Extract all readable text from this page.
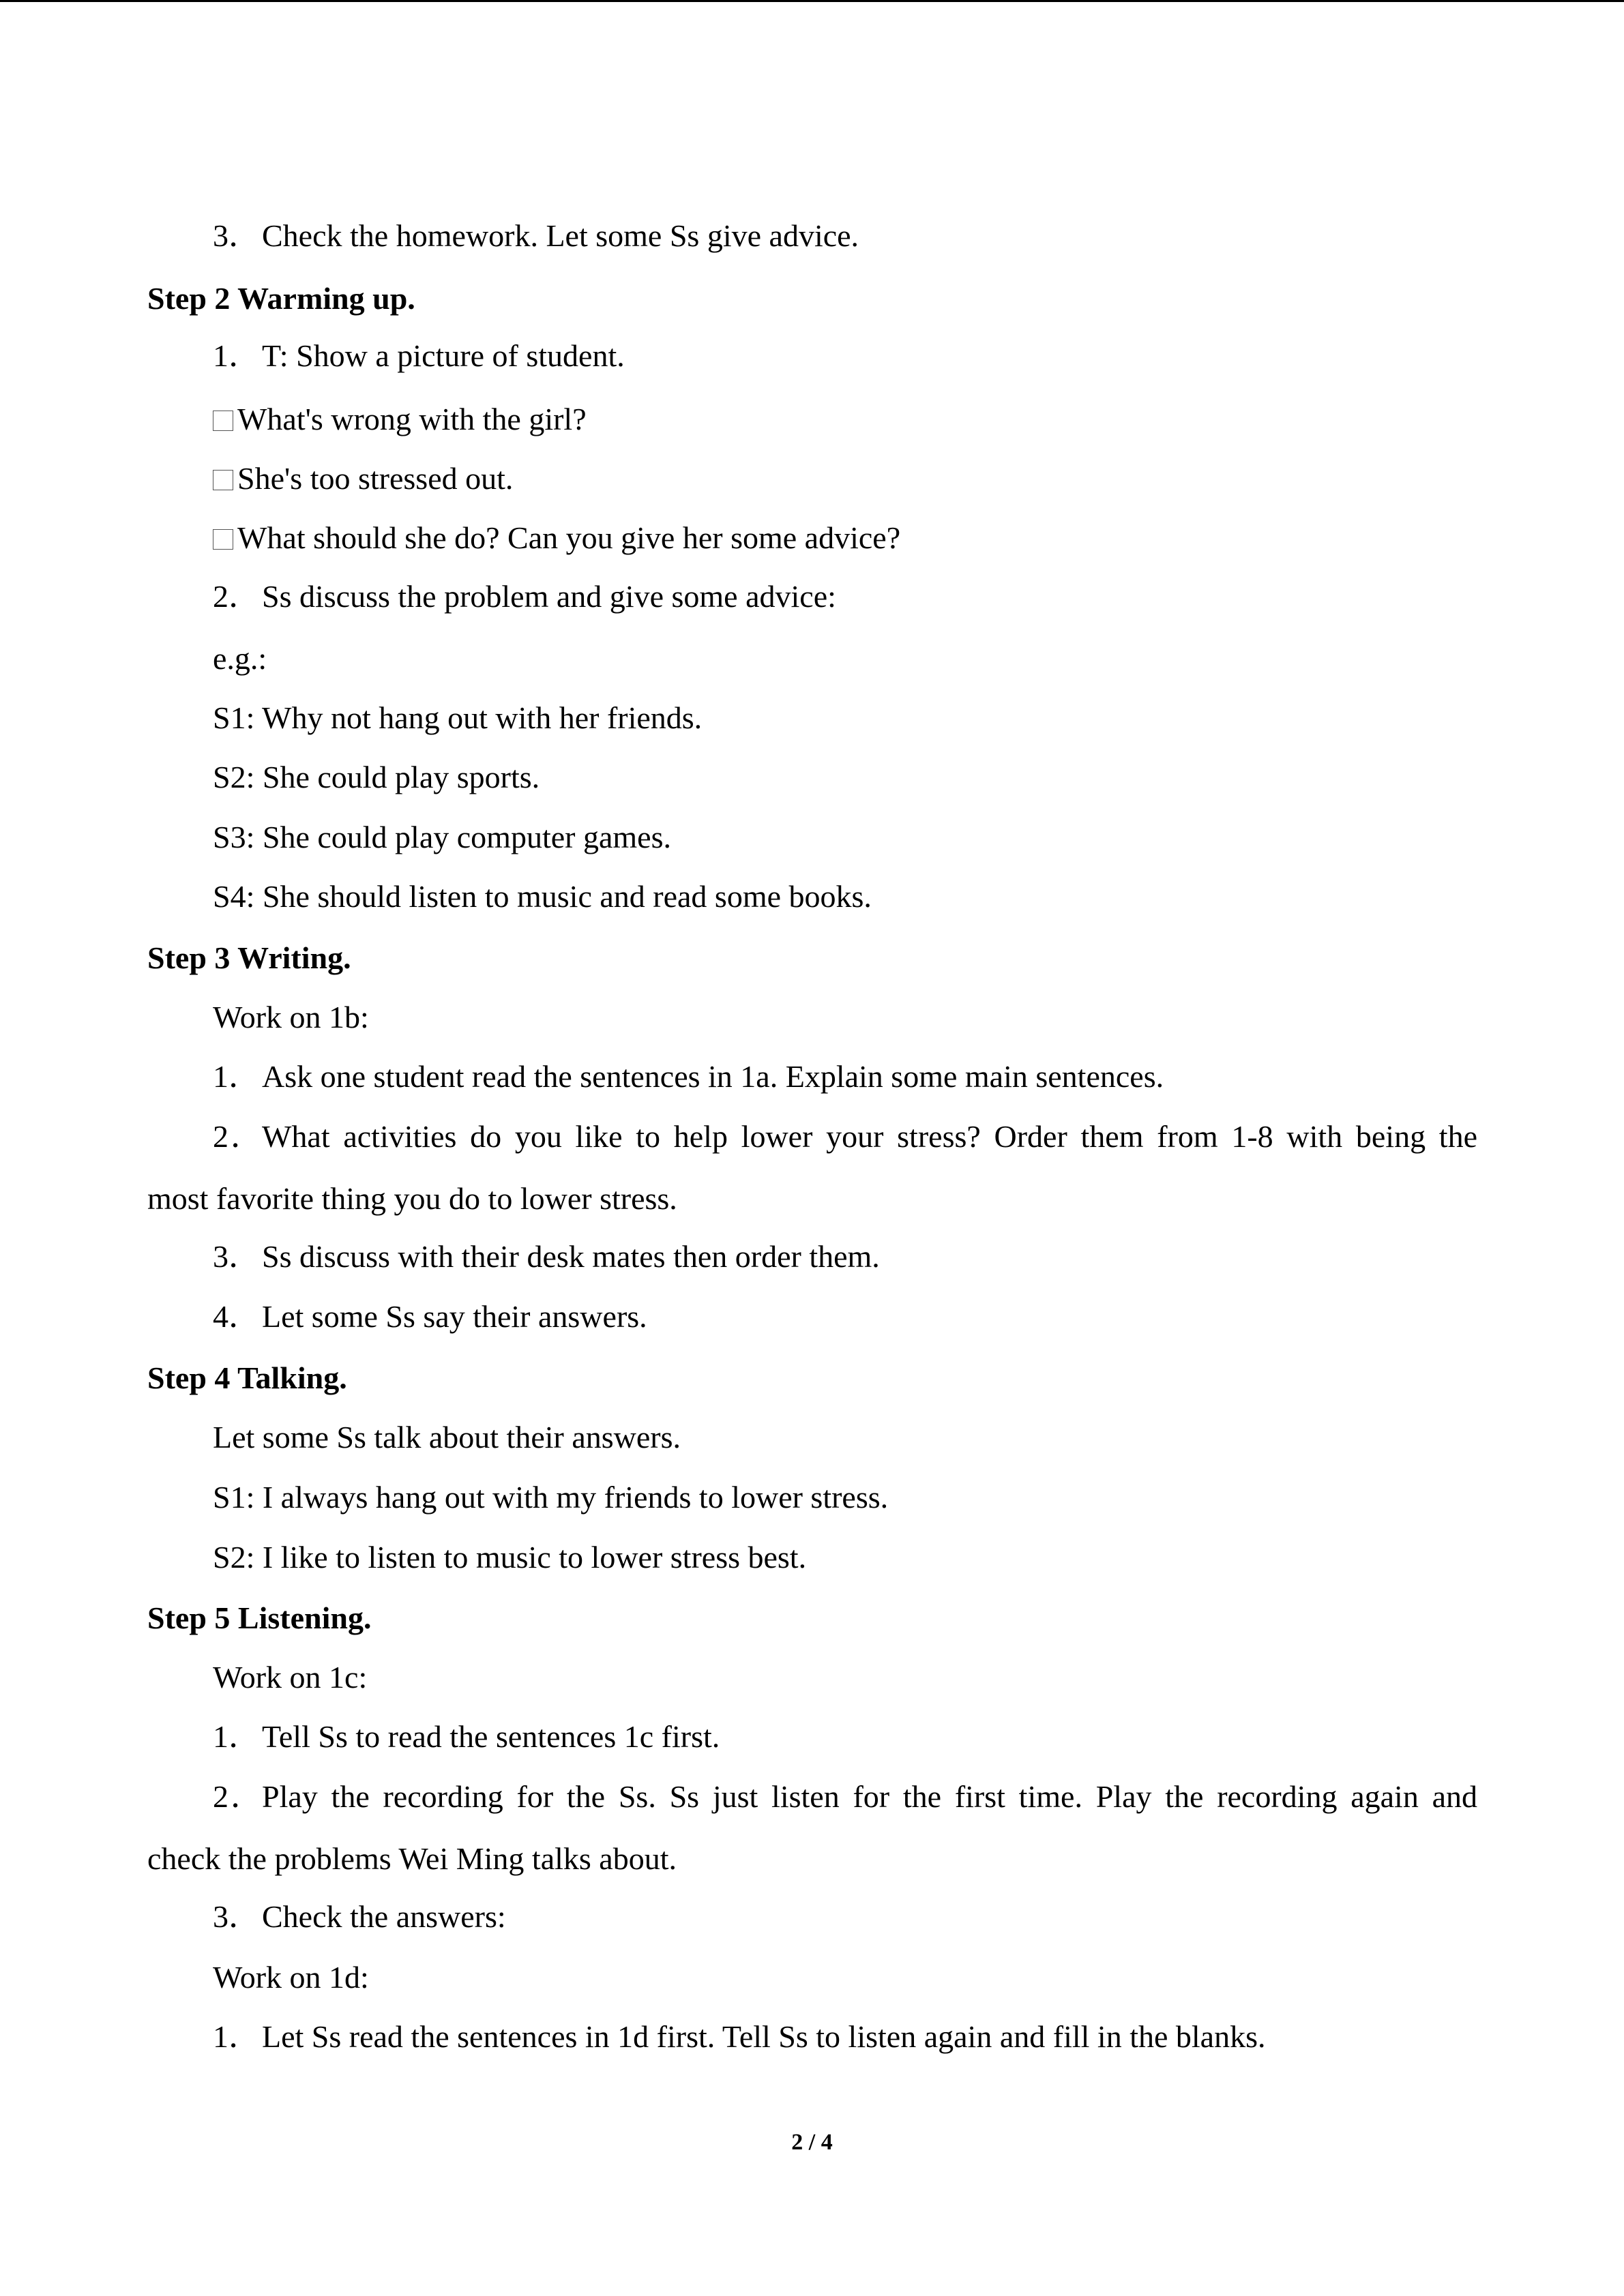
3．Check the homework. Let some Ss give advice.
Step 2 Warming up.
1．T: Show a picture of student.
What's wrong with the girl?
She's too stressed out.
What should she do? Can you give her some advice?
2．Ss discuss the problem and give some advice:
e.g.:
S1: Why not hang out with her friends.
S2: She could play sports.
S3: She could play computer games.
S4: She should listen to music and read some books.
Step 3 Writing.
Work on 1b:
1．Ask one student read the sentences in 1a. Explain some main sentences.
2．What activities do you like to help lower your stress? Order them from 1-8 with being the
most favorite thing you do to lower stress.
3．Ss discuss with their desk mates then order them.
4．Let some Ss say their answers.
Step 4 Talking.
Let some Ss talk about their answers.
S1: I always hang out with my friends to lower stress.
S2: I like to listen to music to lower stress best.
Step 5 Listening.
Work on 1c:
1．Tell Ss to read the sentences 1c first.
2．Play the recording for the Ss. Ss just listen for the first time. Play the recording again and
check the problems Wei Ming talks about.
3．Check the answers:
Work on 1d:
1．Let Ss read the sentences in 1d first. Tell Ss to listen again and fill in the blanks.
2 / 4
